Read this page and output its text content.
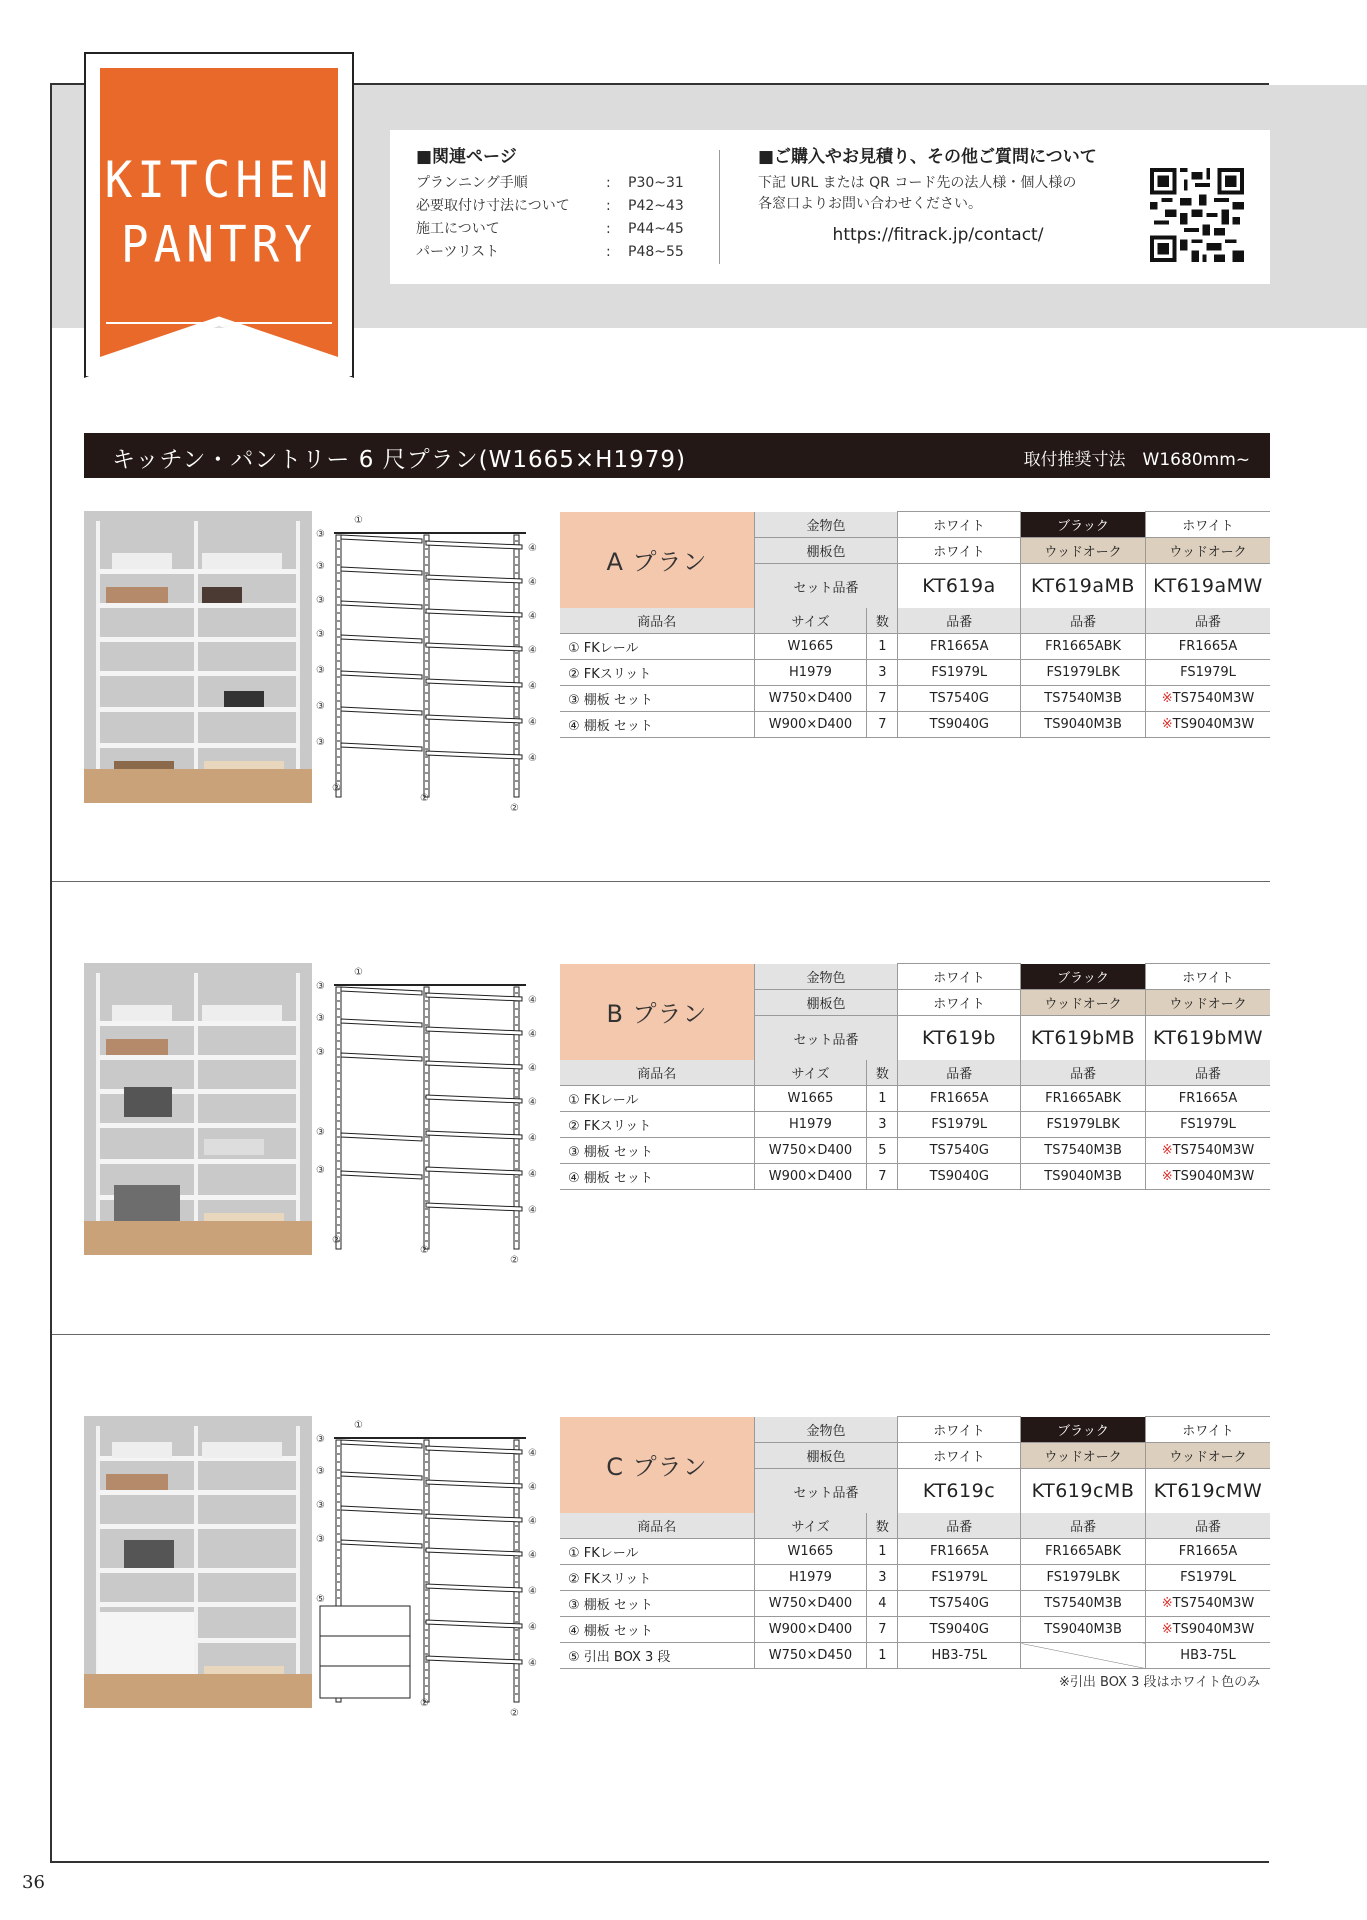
KITCHEN
PANTRY
■関連ページ
プランニング手順	:	P30~31
必要取付け寸法について	:	P42~43
施工について	:	P44~45
パーツリスト	:	P48~55
■ご購入やお見積り、その他ご質問について

下記 URL または QR コード先の法人様・個人様の
各窓口よりお問い合わせください。

https://fitrack.jp/contact/
キッチン・パントリー 6 尺プラン(W1665×H1979)	取付推奨寸法　W1680mm~
③
③
③
③
③
③
③
④
④
④
④
④
④
④
①
②
②
②
A プラン	金物色	ホワイト	ブラック	ホワイト
	棚板色	ホワイト	ウッドオーク	ウッドオーク
	セット品番	KT619a	KT619aMB	KT619aMW
商品名	サイズ	数	品番	品番	品番
① FKレール	W1665	1	FR1665A	FR1665ABK	FR1665A
② FKスリット	H1979	3	FS1979L	FS1979LBK	FS1979L
③ 棚板 セット	W750×D400	7	TS7540G	TS7540M3B	※TS7540M3W
④ 棚板 セット	W900×D400	7	TS9040G	TS9040M3B	※TS9040M3W
③
③
③
③
③
④
④
④
④
④
④
④
①
②
②
②
B プラン	金物色	ホワイト	ブラック	ホワイト
	棚板色	ホワイト	ウッドオーク	ウッドオーク
	セット品番	KT619b	KT619bMB	KT619bMW
商品名	サイズ	数	品番	品番	品番
① FKレール	W1665	1	FR1665A	FR1665ABK	FR1665A
② FKスリット	H1979	3	FS1979L	FS1979LBK	FS1979L
③ 棚板 セット	W750×D400	5	TS7540G	TS7540M3B	※TS7540M3W
④ 棚板 セット	W900×D400	7	TS9040G	TS9040M3B	※TS9040M3W
③
③
③
③
④
④
④
④
④
④
④
①
②
②
⑤
C プラン	金物色	ホワイト	ブラック	ホワイト
	棚板色	ホワイト	ウッドオーク	ウッドオーク
	セット品番	KT619c	KT619cMB	KT619cMW
商品名	サイズ	数	品番	品番	品番
① FKレール	W1665	1	FR1665A	FR1665ABK	FR1665A
② FKスリット	H1979	3	FS1979L	FS1979LBK	FS1979L
③ 棚板 セット	W750×D400	4	TS7540G	TS7540M3B	※TS7540M3W
④ 棚板 セット	W900×D400	7	TS9040G	TS9040M3B	※TS9040M3W
⑤ 引出 BOX 3 段	W750×D450	1	HB3-75L		HB3-75L
※引出 BOX 3 段はホワイト色のみ
36
